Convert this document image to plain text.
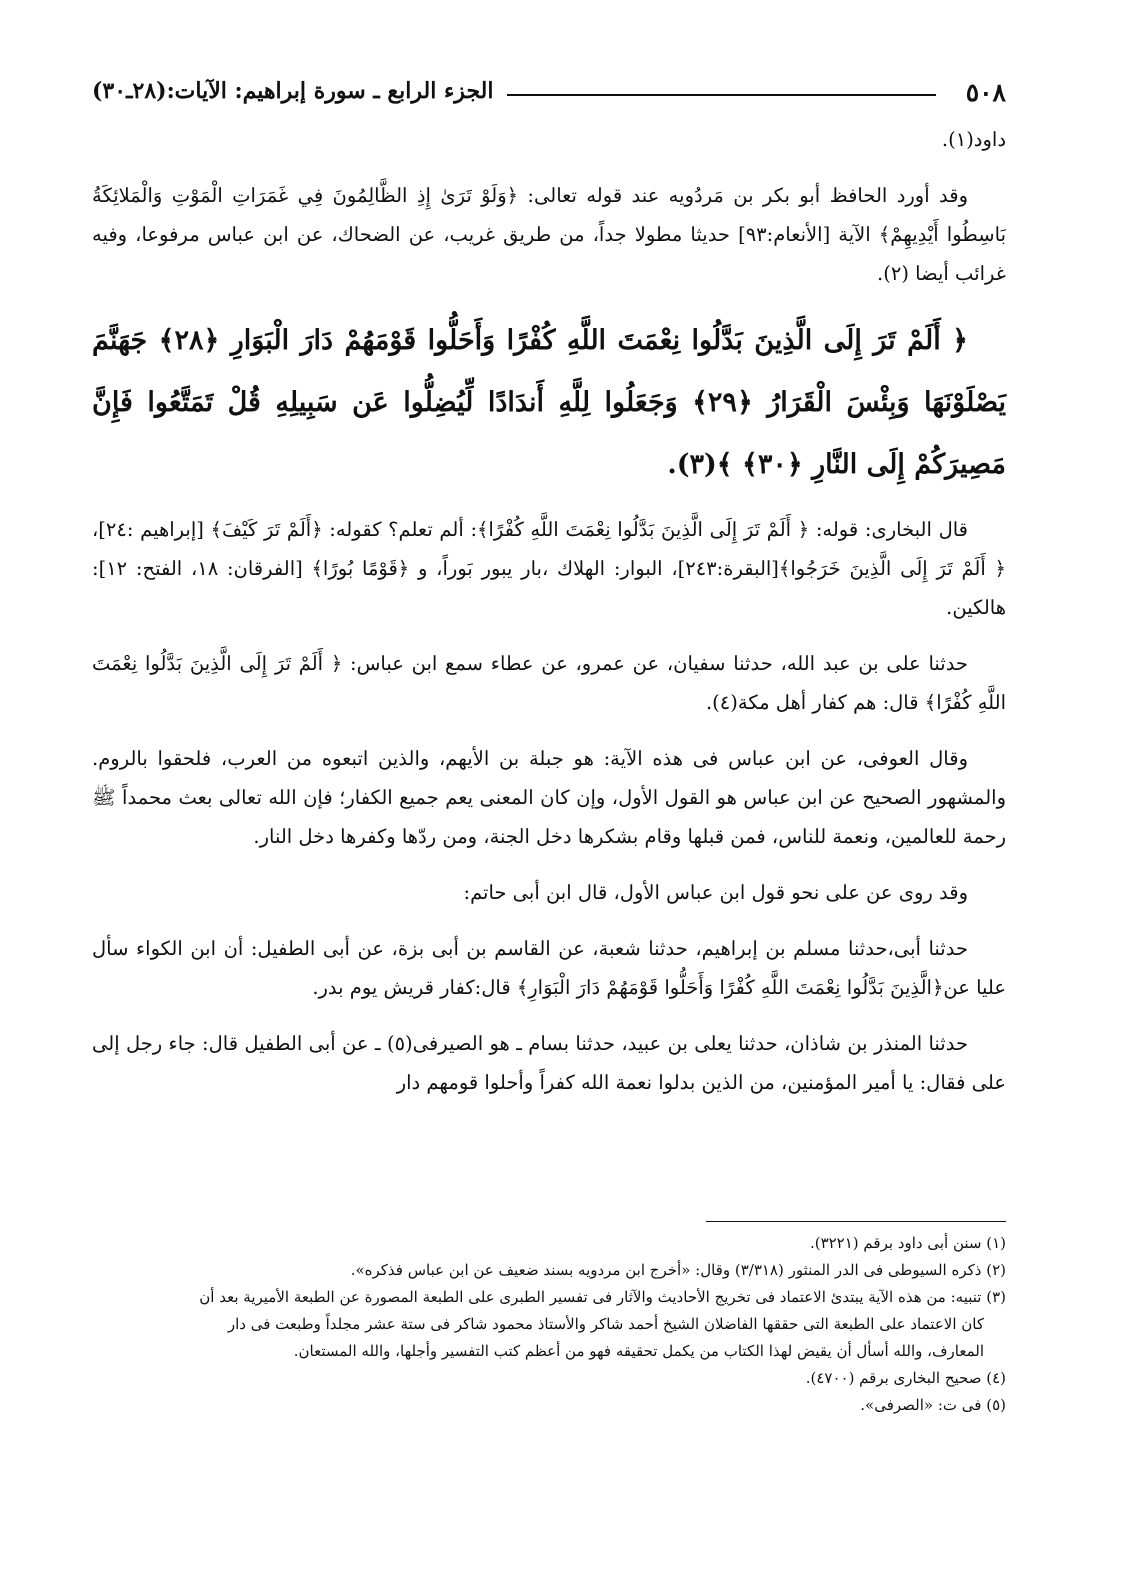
٥٠٨
الجزء الرابع ـ سورة إبراهيم: الآيات:(٢٨ـ٣٠)

داود(١).

وقد أورد الحافظ أبو بكر بن مَردُويه عند قوله تعالى: ﴿وَلَوْ تَرَىٰ إِذِ الظَّالِمُونَ فِي غَمَرَاتِ الْمَوْتِ وَالْمَلائِكَةُ بَاسِطُوا أَيْدِيهِمْ﴾ الآية [الأنعام:٩٣] حديثا مطولا جداً، من طريق غريب، عن الضحاك، عن ابن عباس مرفوعا، وفيه غرائب أيضا (٢).

﴿ أَلَمْ تَرَ إِلَى الَّذِينَ بَدَّلُوا نِعْمَتَ اللَّهِ كُفْرًا وَأَحَلُّوا قَوْمَهُمْ دَارَ الْبَوَارِ ﴿٢٨﴾ جَهَنَّمَ يَصْلَوْنَهَا وَبِئْسَ الْقَرَارُ ﴿٢٩﴾ وَجَعَلُوا لِلَّهِ أَندَادًا لِّيُضِلُّوا عَن سَبِيلِهِ قُلْ تَمَتَّعُوا فَإِنَّ مَصِيرَكُمْ إِلَى النَّارِ ﴿٣٠﴾ ﴾(٣).

قال البخارى: قوله: ﴿ أَلَمْ تَرَ إِلَى الَّذِينَ بَدَّلُوا نِعْمَتَ اللَّهِ كُفْرًا﴾: ألم تعلم؟ كقوله: ﴿أَلَمْ تَرَ كَيْفَ﴾ [إبراهيم :٢٤]، ﴿ أَلَمْ تَرَ إِلَى الَّذِينَ خَرَجُوا﴾[البقرة:٢٤٣]، البوار: الهلاك ،بار يبور بَوراً، و ﴿قَوْمًا بُورًا﴾ [الفرقان: ١٨، الفتح: ١٢]: هالكين.

حدثنا على بن عبد الله، حدثنا سفيان، عن عمرو، عن عطاء سمع ابن عباس: ﴿ أَلَمْ تَرَ إِلَى الَّذِينَ بَدَّلُوا نِعْمَتَ اللَّهِ كُفْرًا﴾ قال: هم كفار أهل مكة(٤).

وقال العوفى، عن ابن عباس فى هذه الآية: هو جبلة بن الأيهم، والذين اتبعوه من العرب، فلحقوا بالروم. والمشهور الصحيح عن ابن عباس هو القول الأول، وإن كان المعنى يعم جميع الكفار؛ فإن الله تعالى بعث محمداً ﷺ رحمة للعالمين، ونعمة للناس، فمن قبلها وقام بشكرها دخل الجنة، ومن ردّها وكفرها دخل النار.

وقد روى عن على نحو قول ابن عباس الأول، قال ابن أبى حاتم:

حدثنا أبى،حدثنا مسلم بن إبراهيم، حدثنا شعبة، عن القاسم بن أبى بزة، عن أبى الطفيل: أن ابن الكواء سأل عليا عن﴿الَّذِينَ بَدَّلُوا نِعْمَتَ اللَّهِ كُفْرًا وَأَحَلُّوا قَوْمَهُمْ دَارَ الْبَوَارِ﴾ قال:كفار قريش يوم بدر.

حدثنا المنذر بن شاذان، حدثنا يعلى بن عبيد، حدثنا بسام ـ هو الصيرفى(٥) ـ عن أبى الطفيل قال: جاء رجل إلى على فقال: يا أمير المؤمنين، من الذين بدلوا نعمة الله كفراً وأحلوا قومهم دار

(١) سنن أبى داود برقم (٣٢٢١).
(٢) ذكره السيوطى فى الدر المنثور (٣/٣١٨) وقال: «أخرج ابن مردويه بسند ضعيف عن ابن عباس فذكره».
(٣) تنبيه: من هذه الآية يبتدئ الاعتماد فى تخريج الأحاديث والآثار فى تفسير الطبرى على الطبعة المصورة عن الطبعة الأميرية بعد أن
كان الاعتماد على الطبعة التى حققها الفاضلان الشيخ أحمد شاكر والأستاذ محمود شاكر فى ستة عشر مجلداً وطبعت فى دار
المعارف، والله أسأل أن يقيض لهذا الكتاب من يكمل تحقيقه فهو من أعظم كتب التفسير وأجلها، والله المستعان.
(٤) صحيح البخارى برقم (٤٧٠٠).
(٥) فى ت: «الصرفى».
